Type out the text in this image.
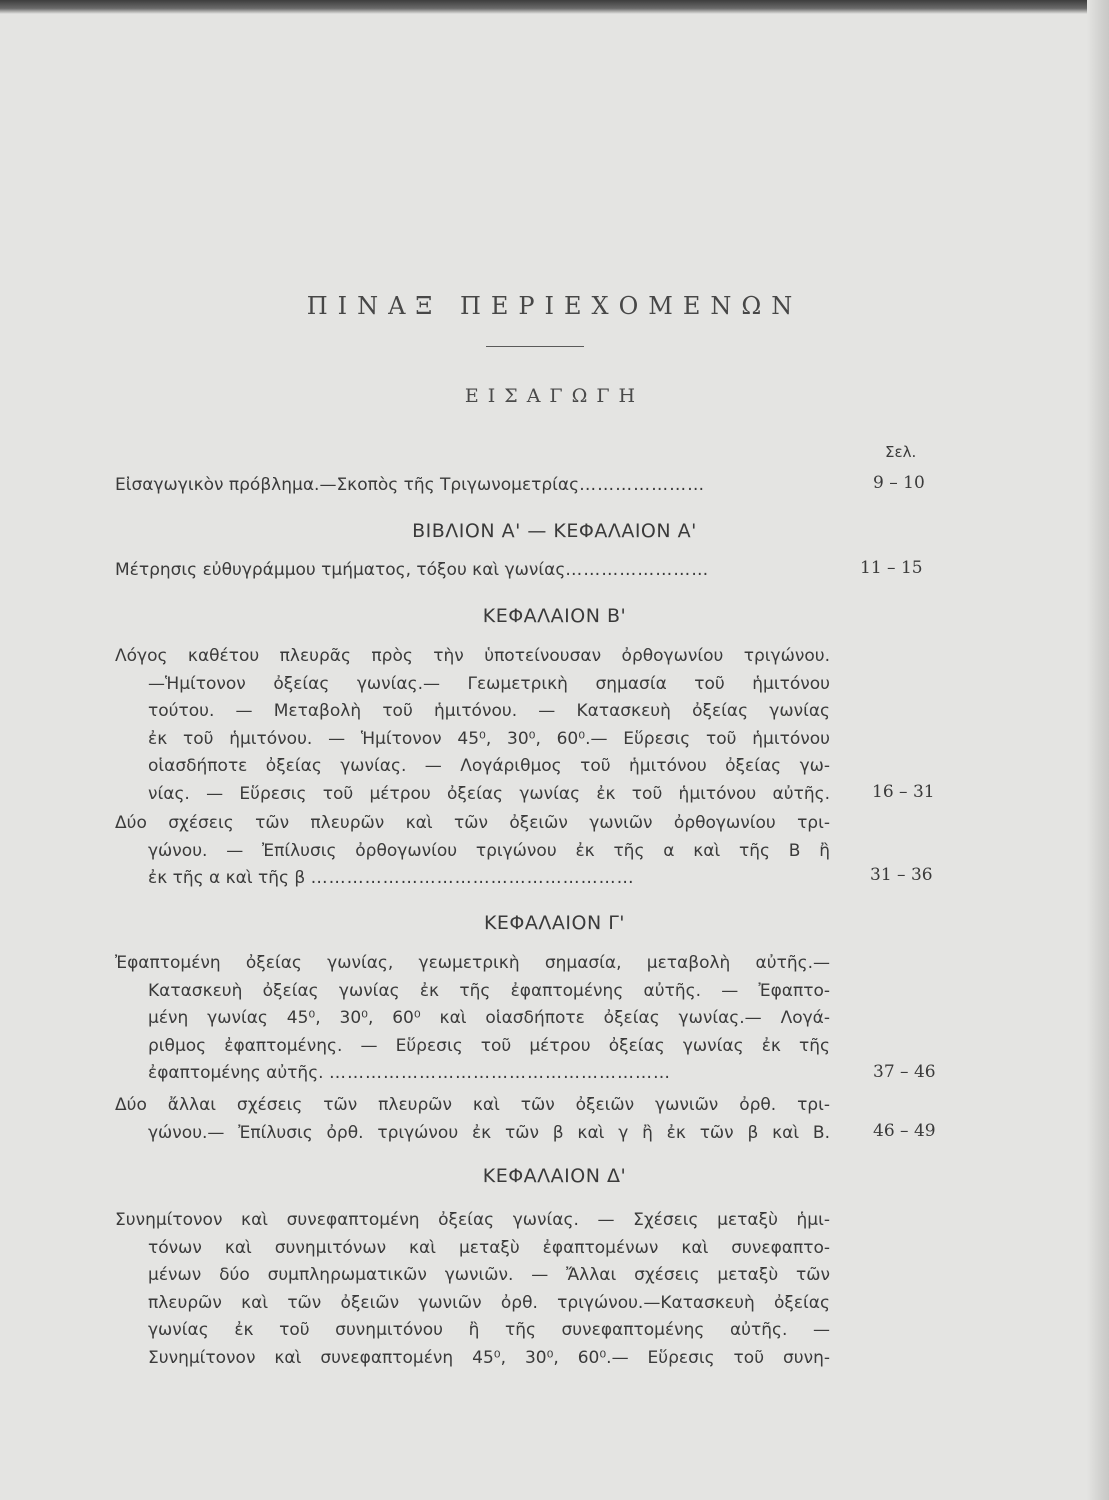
ΠΙΝΑΞ ΠΕΡΙΕΧΟΜΕΝΩΝ
ΕΙΣΑΓΩΓΗ
Σελ.
Εἰσαγωγικὸν πρόβλημα.—Σκοπὸς τῆς Τριγωνομετρίας…………………	9 – 10
ΒΙΒΛΙΟΝ Α' — ΚΕΦΑΛΑΙΟΝ Α'
Μέτρησις εὐθυγράμμου τμήματος, τόξου καὶ γωνίας……………………	11 – 15
ΚΕΦΑΛΑΙΟΝ Β'
Λόγος καθέτου πλευρᾶς πρὸς τὴν ὑποτείνουσαν ὀρθογωνίου τριγώνου.
—Ἡμίτονον ὀξείας γωνίας.— Γεωμετρικὴ σημασία τοῦ ἡμιτόνου
τούτου. — Μεταβολὴ τοῦ ἡμιτόνου. — Κατασκευὴ ὀξείας γωνίας
ἐκ τοῦ ἡμιτόνου. — Ἡμίτονον 45⁰, 30⁰, 60⁰.— Εὕρεσις τοῦ ἡμιτόνου
οἱασδήποτε ὀξείας γωνίας. — Λογάριθμος τοῦ ἡμιτόνου ὀξείας γω-
νίας. — Εὕρεσις τοῦ μέτρου ὀξείας γωνίας ἐκ τοῦ ἡμιτόνου αὐτῆς. 16 – 31
Δύο σχέσεις τῶν πλευρῶν καὶ τῶν ὀξειῶν γωνιῶν ὀρθογωνίου τρι-
γώνου. — Ἐπίλυσις ὀρθογωνίου τριγώνου ἐκ τῆς α καὶ τῆς Β ἢ
ἐκ τῆς α καὶ τῆς β ………………………………………………	31 – 36
ΚΕΦΑΛΑΙΟΝ Γ'
Ἐφαπτομένη ὀξείας γωνίας, γεωμετρικὴ σημασία, μεταβολὴ αὐτῆς.—
Κατασκευὴ ὀξείας γωνίας ἐκ τῆς ἐφαπτομένης αὐτῆς. — Ἐφαπτο-
μένη γωνίας 45⁰, 30⁰, 60⁰ καὶ οἱασδήποτε ὀξείας γωνίας.— Λογά-
ριθμος ἐφαπτομένης. — Εὕρεσις τοῦ μέτρου ὀξείας γωνίας ἐκ τῆς
ἐφαπτομένης αὐτῆς. …………………………………………………	37 – 46
Δύο ἄλλαι σχέσεις τῶν πλευρῶν καὶ τῶν ὀξειῶν γωνιῶν ὀρθ. τρι-
γώνου.— Ἐπίλυσις ὀρθ. τριγώνου ἐκ τῶν β καὶ γ ἢ ἐκ τῶν β καὶ Β.	46 – 49
ΚΕΦΑΛΑΙΟΝ Δ'
Συνημίτονον καὶ συνεφαπτομένη ὀξείας γωνίας. — Σχέσεις μεταξὺ ἡμι-
τόνων καὶ συνημιτόνων καὶ μεταξὺ ἐφαπτομένων καὶ συνεφαπτο-
μένων δύο συμπληρωματικῶν γωνιῶν. — Ἄλλαι σχέσεις μεταξὺ τῶν
πλευρῶν καὶ τῶν ὀξειῶν γωνιῶν ὀρθ. τριγώνου.—Κατασκευὴ ὀξείας
γωνίας ἐκ τοῦ συνημιτόνου ἢ τῆς συνεφαπτομένης αὐτῆς. —
Συνημίτονον καὶ συνεφαπτομένη 45⁰, 30⁰, 60⁰.— Εὕρεσις τοῦ συνη-
